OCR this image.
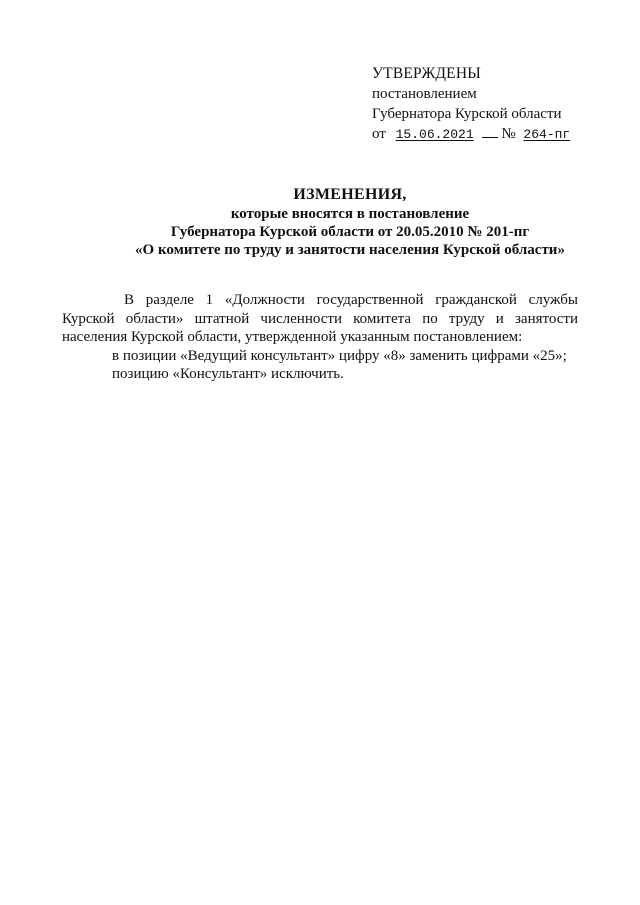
УТВЕРЖДЕНЫ
постановлением
Губернатора Курской области
от 15.06.2021 № 264-пг
ИЗМЕНЕНИЯ,
которые вносятся в постановление
Губернатора Курской области от 20.05.2010 № 201-пг
«О комитете по труду и занятости населения Курской области»

В разделе 1 «Должности государственной гражданской службы Курской области» штатной численности комитета по труду и занятости населения Курской области, утвержденной указанным постановлением:

в позиции «Ведущий консультант» цифру «8» заменить цифрами «25»;

позицию «Консультант» исключить.
